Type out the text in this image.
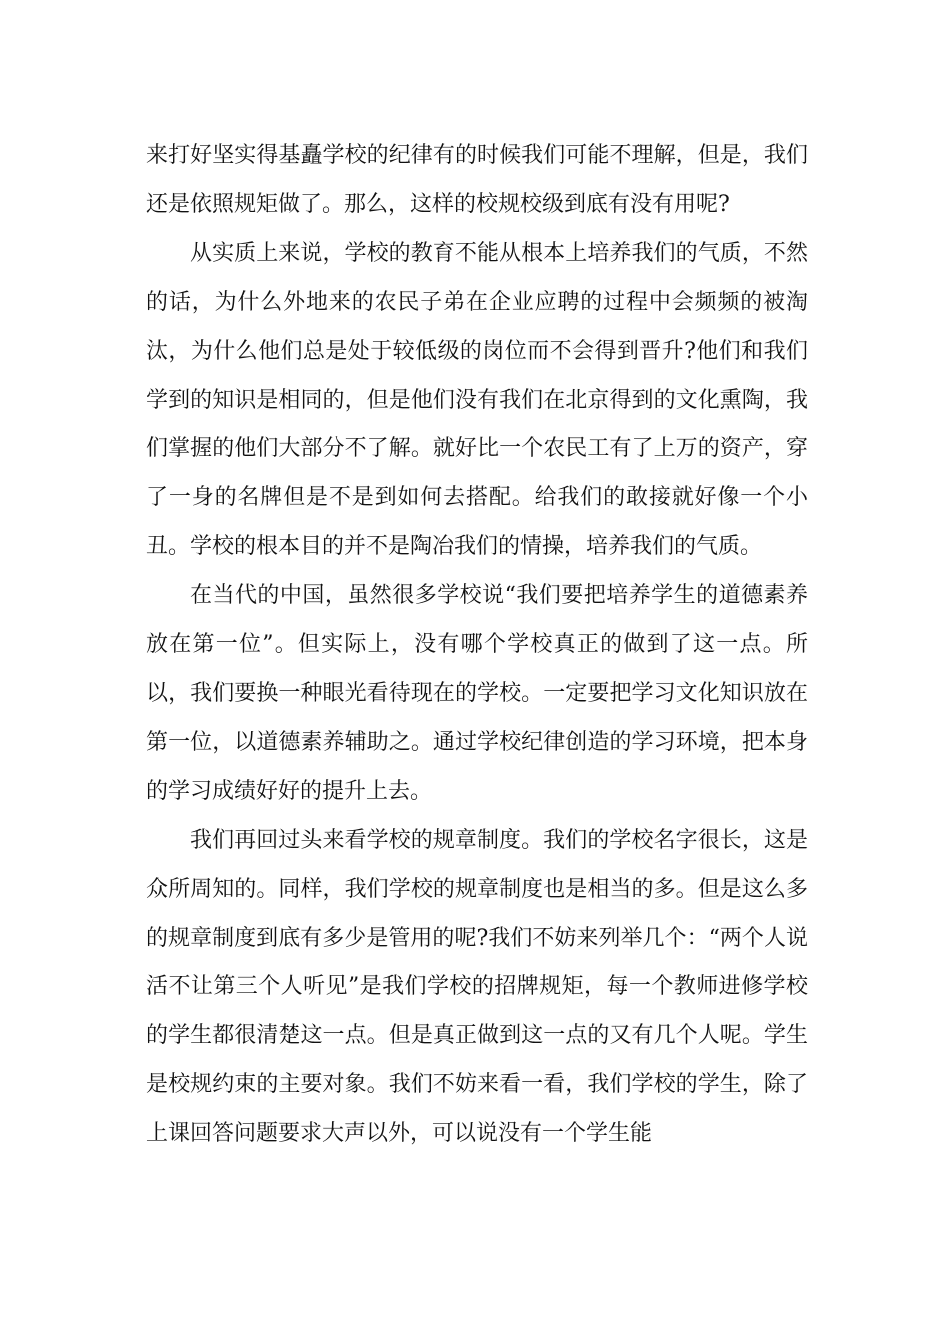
来打好坚实得基矗学校的纪律有的时候我们可能不理解，但是，我们还是依照规矩做了。那么，这样的校规校级到底有没有用呢?

从实质上来说，学校的教育不能从根本上培养我们的气质，不然的话，为什么外地来的农民子弟在企业应聘的过程中会频频的被淘汰，为什么他们总是处于较低级的岗位而不会得到晋升?他们和我们学到的知识是相同的，但是他们没有我们在北京得到的文化熏陶，我们掌握的他们大部分不了解。就好比一个农民工有了上万的资产，穿了一身的名牌但是不是到如何去搭配。给我们的敢接就好像一个小丑。学校的根本目的并不是陶冶我们的情操，培养我们的气质。

在当代的中国，虽然很多学校说“我们要把培养学生的道德素养放在第一位”。但实际上，没有哪个学校真正的做到了这一点。所以，我们要换一种眼光看待现在的学校。一定要把学习文化知识放在第一位，以道德素养辅助之。通过学校纪律创造的学习环境，把本身的学习成绩好好的提升上去。

我们再回过头来看学校的规章制度。我们的学校名字很长，这是众所周知的。同样，我们学校的规章制度也是相当的多。但是这么多的规章制度到底有多少是管用的呢?我们不妨来列举几个：“两个人说活不让第三个人听见”是我们学校的招牌规矩，每一个教师进修学校的学生都很清楚这一点。但是真正做到这一点的又有几个人呢。学生是校规约束的主要对象。我们不妨来看一看，我们学校的学生，除了上课回答问题要求大声以外，可以说没有一个学生能
